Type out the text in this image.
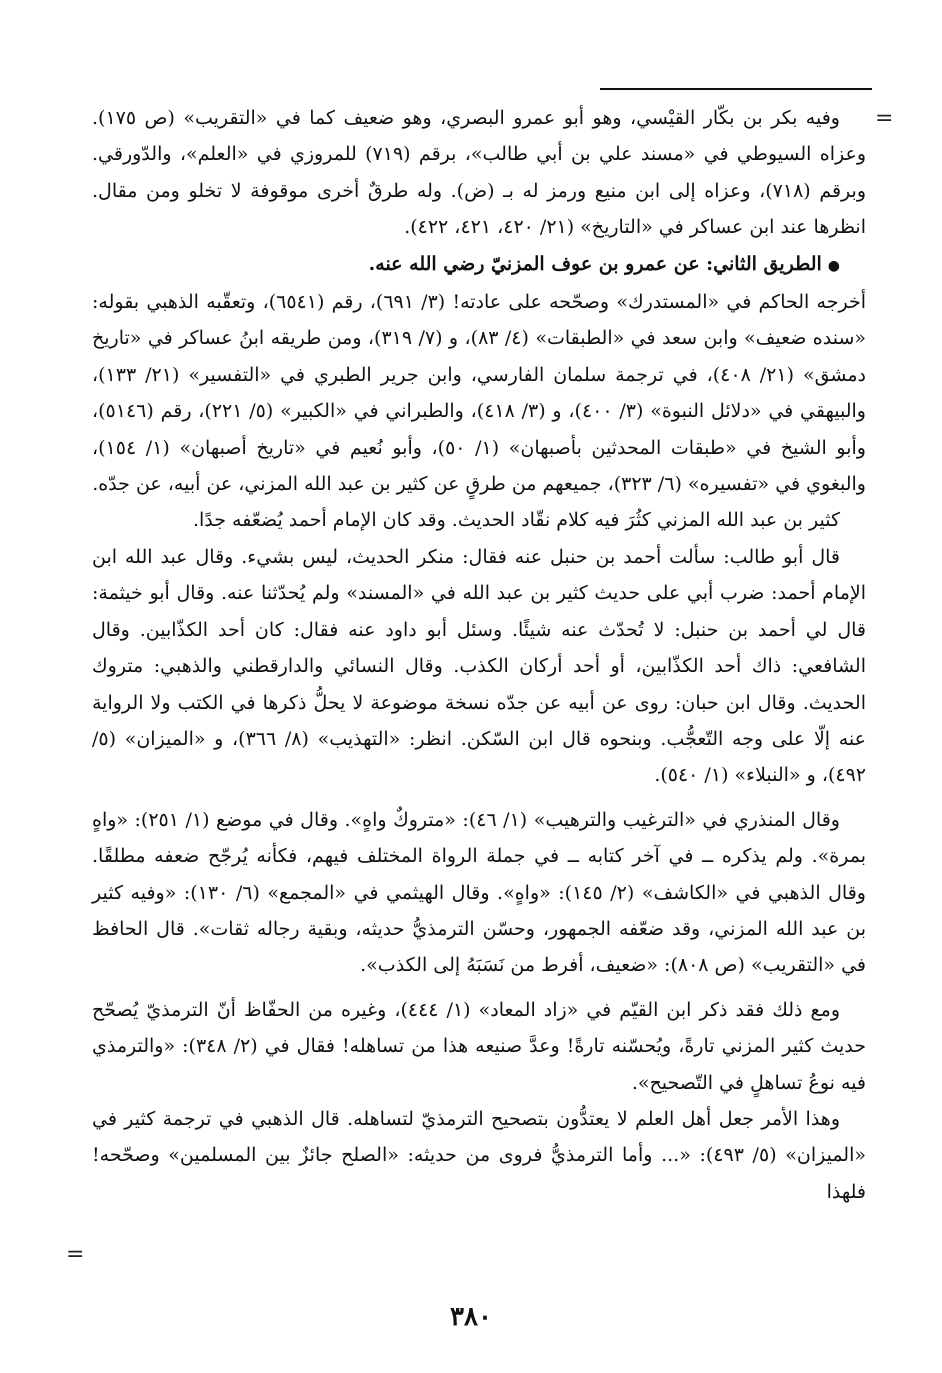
=

وفيه بكر بن بكّار القيْسي، وهو أبو عمرو البصري، وهو ضعيف كما في «التقريب» (ص ١٧٥). وعزاه السيوطي في «مسند علي بن أبي طالب»، برقم (٧١٩) للمروزي في «العلم»، والدّورقي. وبرقم (٧١٨)، وعزاه إلى ابن منيع ورمز له بـ (ض). وله طرقٌ أخرى موقوفة لا تخلو ومن مقال. انظرها عند ابن عساكر في «التاريخ» (٢١/ ٤٢٠، ٤٢١، ٤٢٢).

●الطريق الثاني: عن عمرو بن عوف المزنيّ رضي الله عنه.

أخرجه الحاكم في «المستدرك» وصحّحه على عادته! (٣/ ٦٩١)، رقم (٦٥٤١)، وتعقّبه الذهبي بقوله: «سنده ضعيف» وابن سعد في «الطبقات» (٤/ ٨٣)، و (٧/ ٣١٩)، ومن طريقه ابنُ عساكر في «تاريخ دمشق» (٢١/ ٤٠٨)، في ترجمة سلمان الفارسي، وابن جرير الطبري في «التفسير» (٢١/ ١٣٣)، والبيهقي في «دلائل النبوة» (٣/ ٤٠٠)، و (٣/ ٤١٨)، والطبراني في «الكبير» (٥/ ٢٢١)، رقم (٥١٤٦)، وأبو الشيخ في «طبقات المحدثين بأصبهان» (١/ ٥٠)، وأبو نُعيم في «تاريخ أصبهان» (١/ ١٥٤)، والبغوي في «تفسيره» (٦/ ٣٢٣)، جميعهم من طرقٍ عن كثير بن عبد الله المزني، عن أبيه، عن جدّه.

كثير بن عبد الله المزني كثُرَ فيه كلام نقّاد الحديث. وقد كان الإمام أحمد يُضعّفه جدًا.

قال أبو طالب: سألت أحمد بن حنبل عنه فقال: منكر الحديث، ليس بشيء. وقال عبد الله ابن الإمام أحمد: ضرب أبي على حديث كثير بن عبد الله في «المسند» ولم يُحدّثنا عنه. وقال أبو خيثمة: قال لي أحمد بن حنبل: لا تُحدّث عنه شيئًا. وسئل أبو داود عنه فقال: كان أحد الكذّابين. وقال الشافعي: ذاك أحد الكذّابين، أو أحد أركان الكذب. وقال النسائي والدارقطني والذهبي: متروك الحديث. وقال ابن حبان: روى عن أبيه عن جدّه نسخة موضوعة لا يحلُّ ذكرها في الكتب ولا الرواية عنه إلّا على وجه التّعجُّب. وبنحوه قال ابن السّكن. انظر: «التهذيب» (٨/ ٣٦٦)، و «الميزان» (٥/ ٤٩٢)، و «النبلاء» (١/ ٥٤٠).

وقال المنذري في «الترغيب والترهيب» (١/ ٤٦): «متروكٌ واهٍ». وقال في موضع (١/ ٢٥١): «واهٍ بمرة». ولم يذكره ــ في آخر كتابه ــ في جملة الرواة المختلف فيهم، فكأنه يُرجّح ضعفه مطلقًا. وقال الذهبي في «الكاشف» (٢/ ١٤٥): «واهٍ». وقال الهيثمي في «المجمع» (٦/ ١٣٠): «وفيه كثير بن عبد الله المزني، وقد ضعّفه الجمهور، وحسّن الترمذيُّ حديثه، وبقية رجاله ثقات». قال الحافظ في «التقريب» (ص ٨٠٨): «ضعيف، أفرط من نَسَبَهُ إلى الكذب».

ومع ذلك فقد ذكر ابن القيّم في «زاد المعاد» (١/ ٤٤٤)، وغيره من الحفّاظ أنّ الترمذيّ يُصحّح حديث كثير المزني تارةً، ويُحسّنه تارةً! وعدَّ صنيعه هذا من تساهله! فقال في (٢/ ٣٤٨): «والترمذي فيه نوعُ تساهلٍ في التّصحيح».

وهذا الأمر جعل أهل العلم لا يعتدُّون بتصحيح الترمذيّ لتساهله. قال الذهبي في ترجمة كثير في «الميزان» (٥/ ٤٩٣): «... وأما الترمذيُّ فروى من حديثه: «الصلح جائزٌ بين المسلمين» وصحّحه! فلهذا

=
٣٨٠
